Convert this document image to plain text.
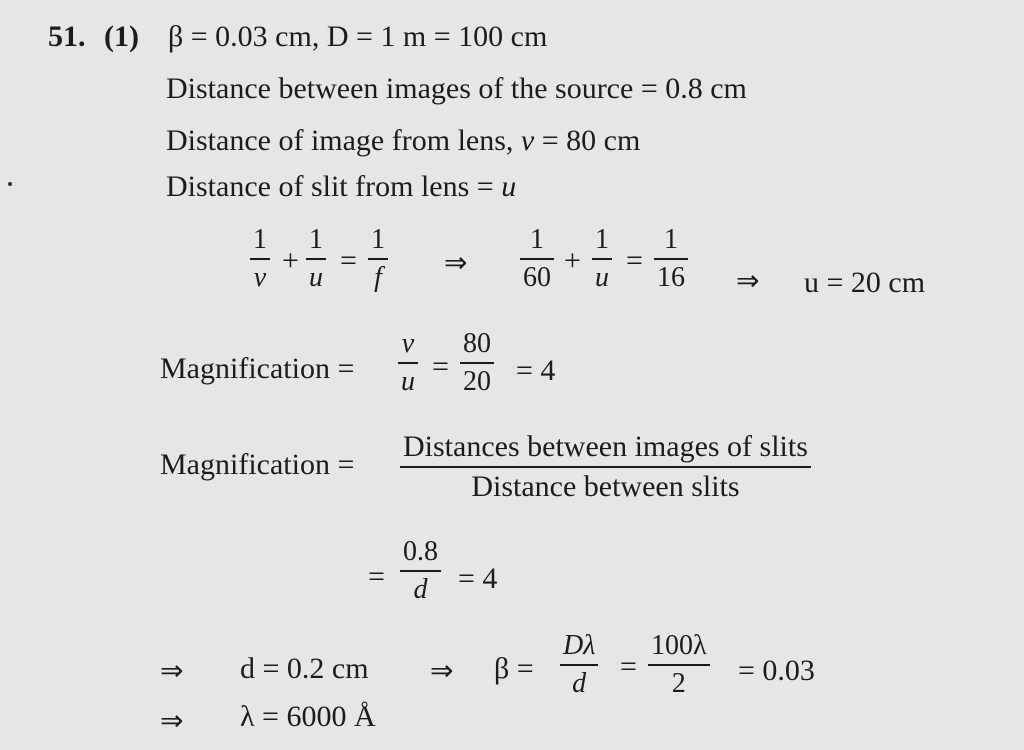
51. (1) β = 0.03 cm, D = 1 m = 100 cm
Distance between images of the source = 0.8 cm
Distance of image from lens, v = 80 cm
Distance of slit from lens = u
1
v
+
1
u
=
1
f ⇒
1
60
+
1
u
=
1
16 ⇒ u = 20 cm
Magnification =
v
u =
80
20 = 4
Magnification =
Distances between images of slits
Distance between slits
=
0.8
d = 4
⇒ d = 0.2 cm ⇒ β =
Dλ
d
=
100λ
2 = 0.03
⇒ λ = 6000 Å
